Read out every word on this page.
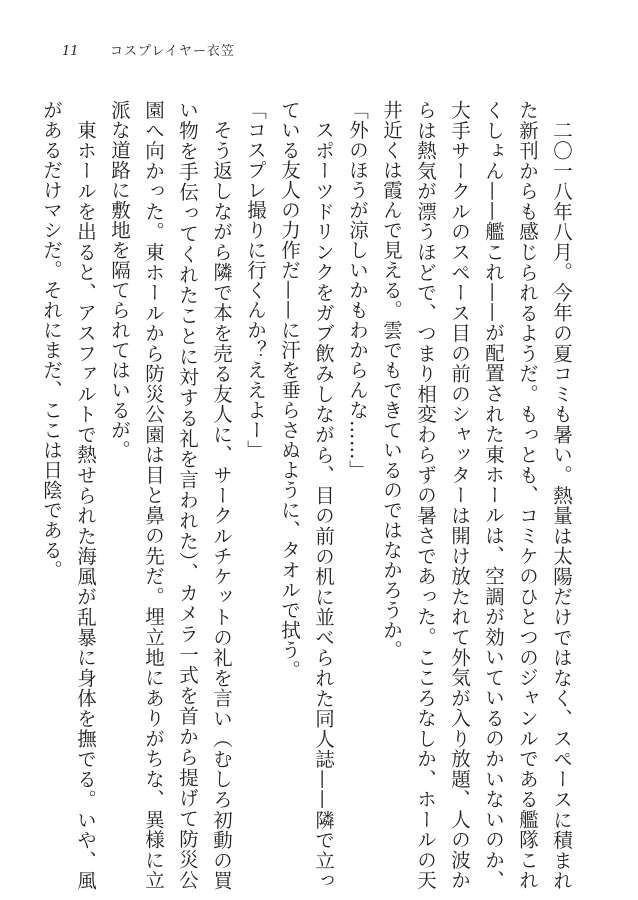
11	コスプレイヤー衣笠

二〇一八年八月。今年の夏コミも暑い。熱量は太陽だけではなく、スペースに積まれた新刊からも感じられるようだ。もっとも、コミケのひとつのジャンルである艦隊これくしょん——艦これ——が配置された東ホールは、空調が効いているのかいないのか、大手サークルのスペース目の前のシャッターは開け放たれて外気が入り放題、人の波からは熱気が漂うほどで、つまり相変わらずの暑さであった。こころなしか、ホールの天井近くは霞んで見える。雲でもできているのではなかろうか。

「外のほうが涼しいかもわからんな……」

スポーツドリンクをガブ飲みしながら、目の前の机に並べられた同人誌——隣で立っている友人の力作だ——に汗を垂らさぬように、タオルで拭う。

「コスプレ撮りに行くんか？ええよー」

そう返しながら隣で本を売る友人に、サークルチケットの礼を言い（むしろ初動の買い物を手伝ってくれたことに対する礼を言われた）、カメラ一式を首から提げて防災公園へ向かった。東ホールから防災公園は目と鼻の先だ。埋立地にありがちな、異様に立派な道路に敷地を隔てられてはいるが。

東ホールを出ると、アスファルトで熱せられた海風が乱暴に身体を撫でる。いや、風があるだけマシだ。それにまだ、ここは日陰である。
